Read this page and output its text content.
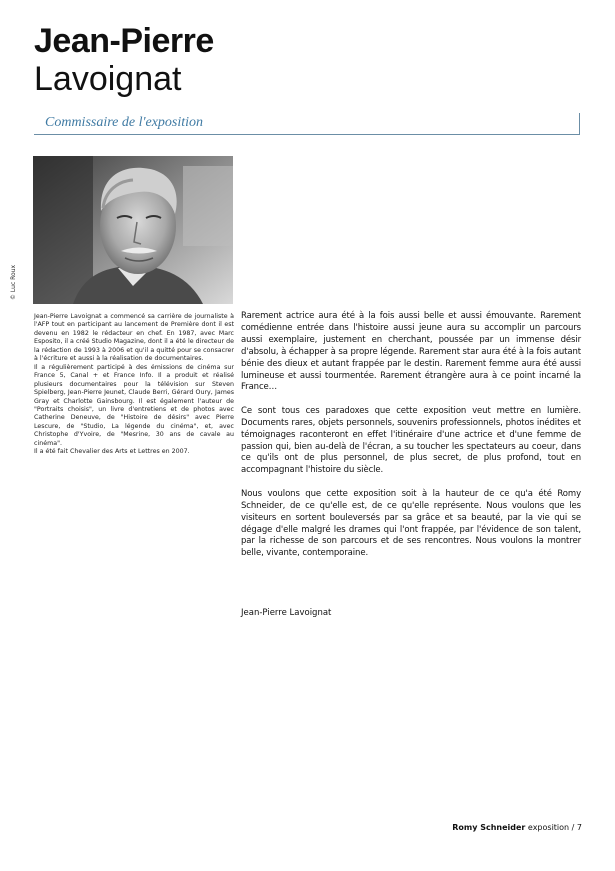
Jean-Pierre
Lavoignat
Commissaire de l'exposition
© Luc Roux

Jean-Pierre Lavoignat a commencé sa carrière de journaliste à l'AFP tout en participant au lancement de Première dont il est devenu en 1982 le rédacteur en chef. En 1987, avec Marc Esposito, il a créé Studio Magazine, dont il a été le directeur de la rédaction de 1993 à 2006 et qu'il a quitté pour se consacrer à l'écriture et aussi à la réalisation de documentaires.

Il a régulièrement participé à des émissions de cinéma sur France 5, Canal + et France Info. Il a produit et réalisé plusieurs documentaires pour la télévision sur Steven Spielberg, Jean-Pierre Jeunet, Claude Berri, Gérard Oury, James Gray et Charlotte Gainsbourg. Il est également l'auteur de "Portraits choisis", un livre d'entretiens et de photos avec Catherine Deneuve, de "Histoire de désirs" avec Pierre Lescure, de "Studio, La légende du cinéma", et, avec Christophe d'Yvoire, de "Mesrine, 30 ans de cavale au cinéma".

Il a été fait Chevalier des Arts et Lettres en 2007.

Rarement actrice aura été à la fois aussi belle et aussi émouvante. Rarement comédienne entrée dans l'histoire aussi jeune aura su accomplir un parcours aussi exemplaire, justement en cherchant, poussée par un immense désir d'absolu, à échapper à sa propre légende. Rarement star aura été à la fois autant bénie des dieux et autant frappée par le destin. Rarement femme aura été aussi lumineuse et aussi tourmentée. Rarement étrangère aura à ce point incarné la France…

Ce sont tous ces paradoxes que cette exposition veut mettre en lumière. Documents rares, objets personnels, souvenirs professionnels, photos inédites et témoignages raconteront en effet l'itinéraire d'une actrice et d'une femme de passion qui, bien au-delà de l'écran, a su toucher les spectateurs au coeur, dans ce qu'ils ont de plus personnel, de plus secret, de plus profond, tout en accompagnant l'histoire du siècle.

Nous voulons que cette exposition soit à la hauteur de ce qu'a été Romy Schneider, de ce qu'elle est, de ce qu'elle représente. Nous voulons que les visiteurs en sortent bouleversés par sa grâce et sa beauté, par la vie qui se dégage d'elle malgré les drames qui l'ont frappée, par l'évidence de son talent, par la richesse de son parcours et de ses rencontres. Nous voulons la montrer belle, vivante, contemporaine.

Jean-Pierre Lavoignat
Romy Schneider exposition / 7
